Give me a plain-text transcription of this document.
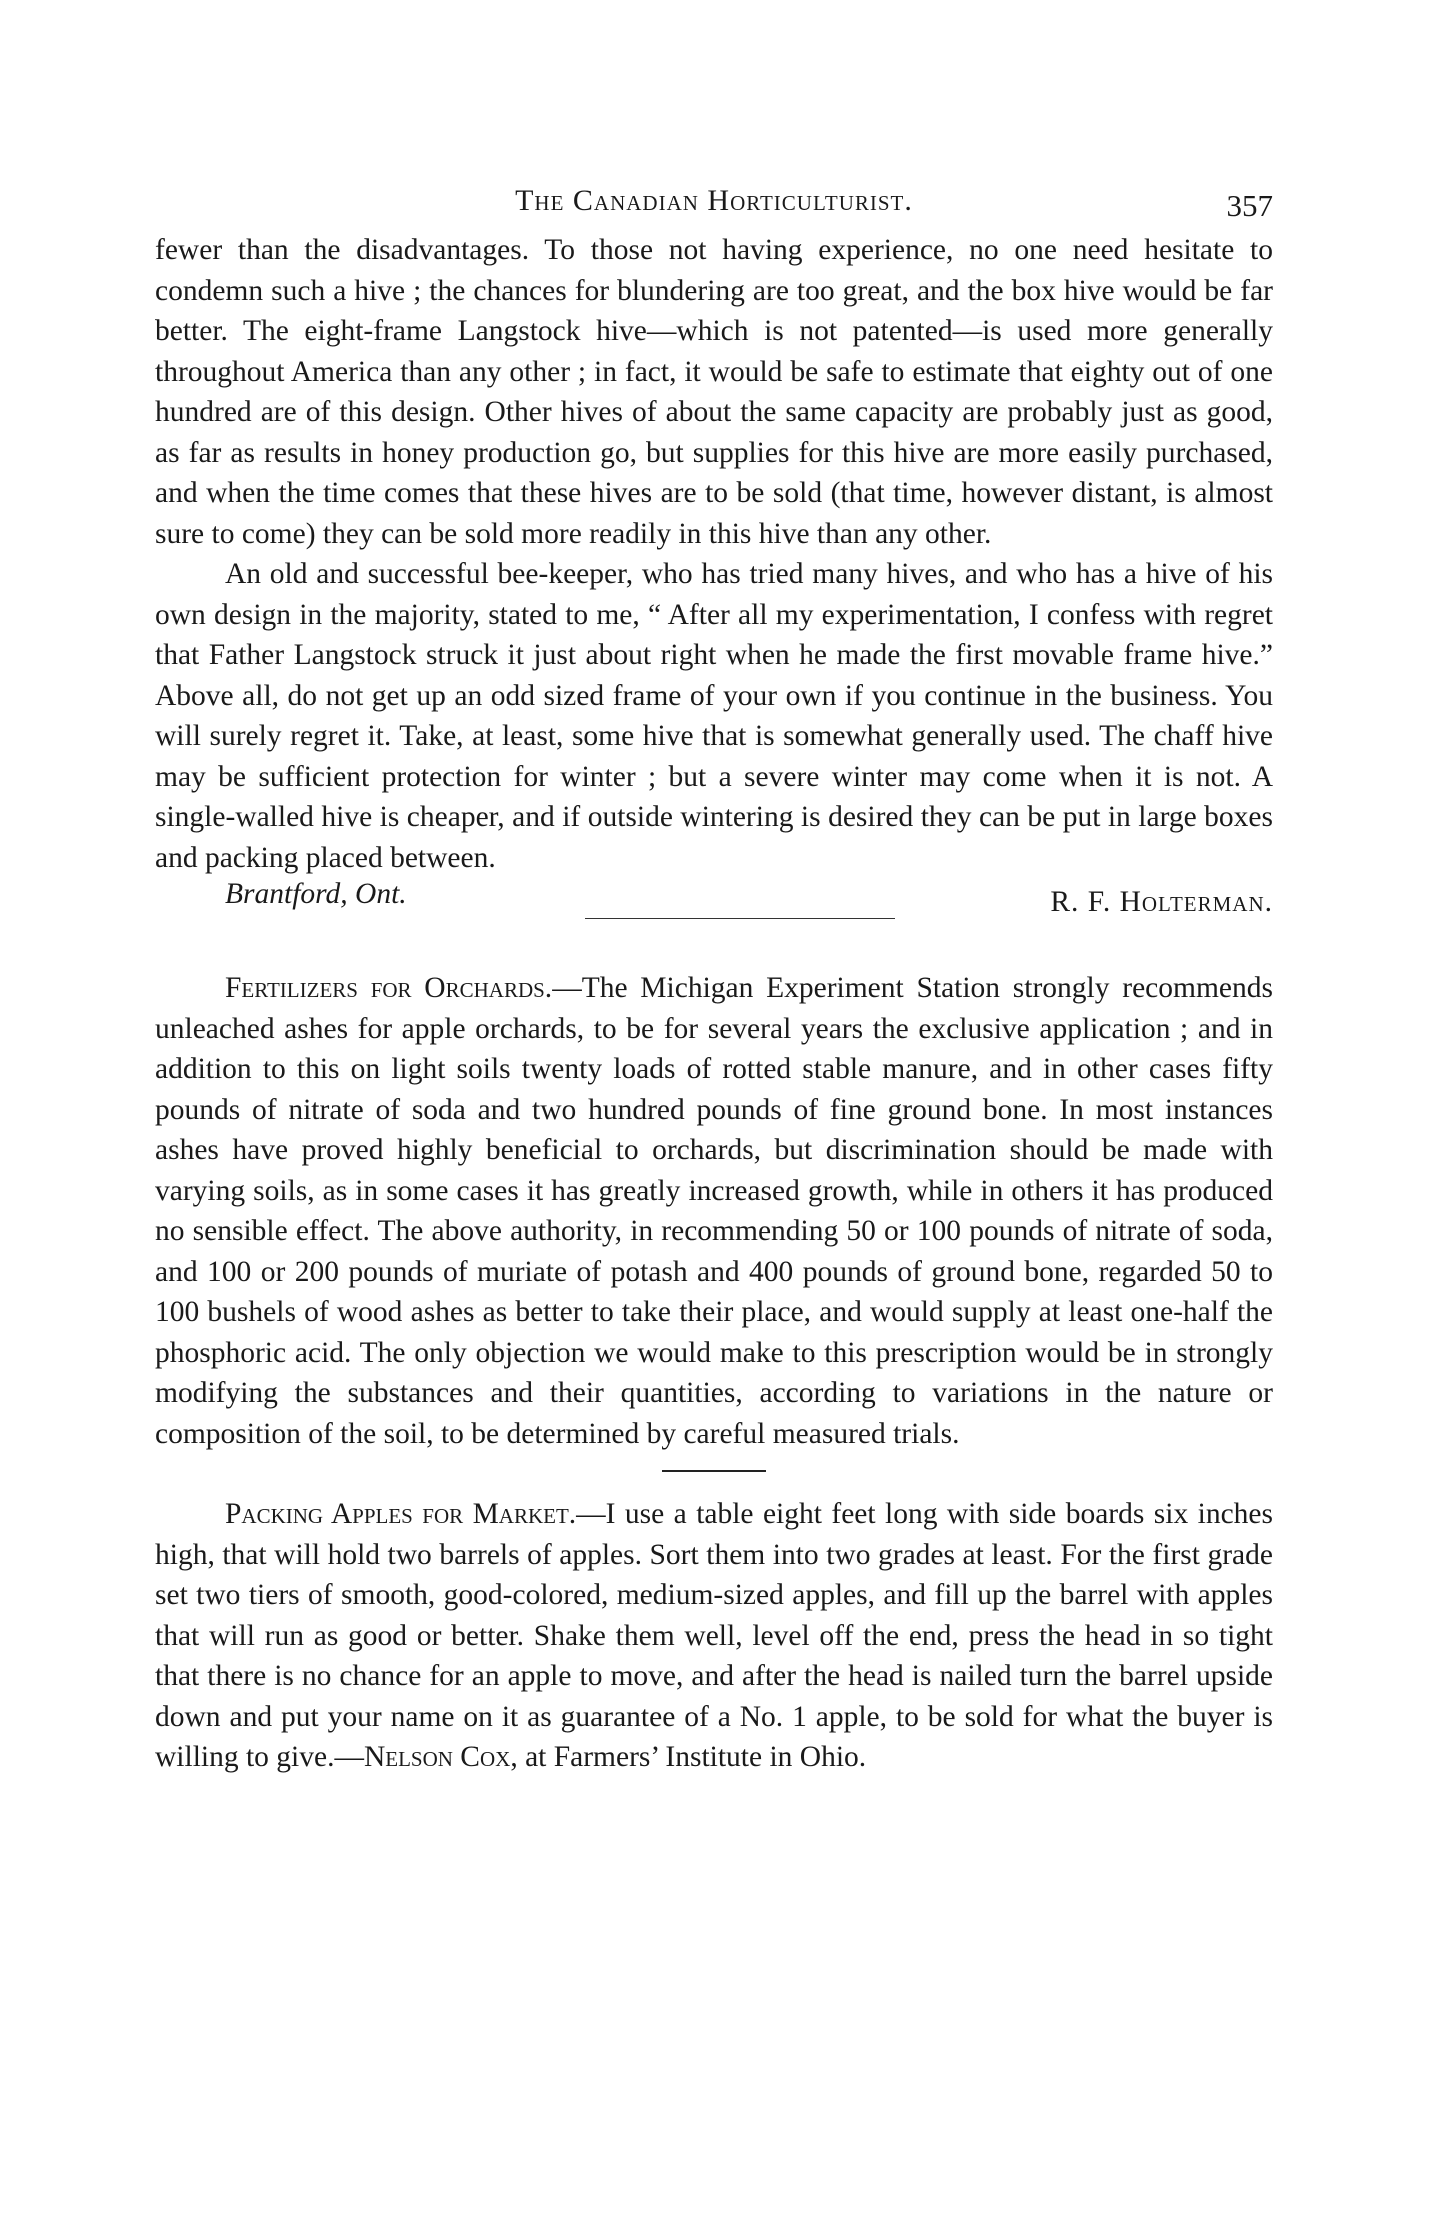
The Canadian Horticulturist.	357

fewer than the disadvantages. To those not having experience, no one need hesitate to condemn such a hive ; the chances for blundering are too great, and the box hive would be far better. The eight-frame Langstock hive—which is not patented—is used more generally throughout America than any other ; in fact, it would be safe to estimate that eighty out of one hundred are of this design. Other hives of about the same capacity are probably just as good, as far as results in honey production go, but supplies for this hive are more easily purchased, and when the time comes that these hives are to be sold (that time, however distant, is almost sure to come) they can be sold more readily in this hive than any other.

An old and successful bee-keeper, who has tried many hives, and who has a hive of his own design in the majority, stated to me, “ After all my experimentation, I confess with regret that Father Langstock struck it just about right when he made the first movable frame hive.” Above all, do not get up an odd sized frame of your own if you continue in the business. You will surely regret it. Take, at least, some hive that is somewhat generally used. The chaff hive may be sufficient protection for winter ; but a severe winter may come when it is not. A single-walled hive is cheaper, and if outside wintering is desired they can be put in large boxes and packing placed between.

Brantford, Ont.	R. F. Holterman.

Fertilizers for Orchards.—The Michigan Experiment Station strongly recommends unleached ashes for apple orchards, to be for several years the exclusive application ; and in addition to this on light soils twenty loads of rotted stable manure, and in other cases fifty pounds of nitrate of soda and two hundred pounds of fine ground bone. In most instances ashes have proved highly beneficial to orchards, but discrimination should be made with varying soils, as in some cases it has greatly increased growth, while in others it has produced no sensible effect. The above authority, in recommending 50 or 100 pounds of nitrate of soda, and 100 or 200 pounds of muriate of potash and 400 pounds of ground bone, regarded 50 to 100 bushels of wood ashes as better to take their place, and would supply at least one-half the phosphoric acid. The only objection we would make to this prescription would be in strongly modifying the substances and their quantities, according to variations in the nature or composition of the soil, to be determined by careful measured trials.

Packing Apples for Market.—I use a table eight feet long with side boards six inches high, that will hold two barrels of apples. Sort them into two grades at least. For the first grade set two tiers of smooth, good-colored, medium-sized apples, and fill up the barrel with apples that will run as good or better. Shake them well, level off the end, press the head in so tight that there is no chance for an apple to move, and after the head is nailed turn the barrel upside down and put your name on it as guarantee of a No. 1 apple, to be sold for what the buyer is willing to give.—Nelson Cox, at Farmers’ Institute in Ohio.
